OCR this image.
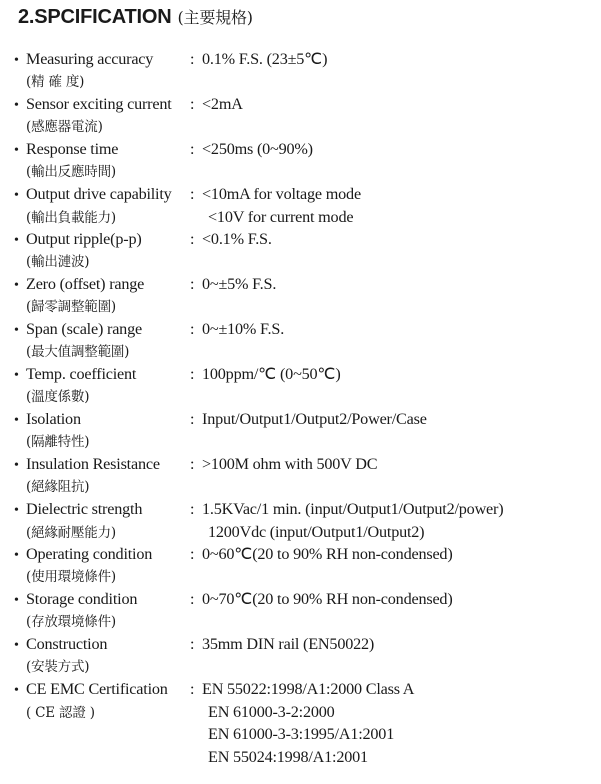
2.SPCIFICATION (主要規格)
• Measuring accuracy	: 0.1% F.S. (23±5℃)
(精 確 度)
• Sensor exciting current	: <2mA
(感應器電流)
• Response time	: <250ms (0~90%)
(輸出反應時間)
• Output drive capability	: <10mA for voltage mode
(輸出負載能力)	<10V for current mode
• Output ripple(p-p)	: <0.1% F.S.
(輸出漣波)
• Zero (offset) range	: 0~±5% F.S.
(歸零調整範圍)
• Span (scale) range	: 0~±10% F.S.
(最大值調整範圍)
• Temp. coefficient	: 100ppm/℃ (0~50℃)
(溫度係數)
• Isolation	: Input/Output1/Output2/Power/Case
(隔離特性)
• Insulation Resistance	: >100M ohm with 500V DC
(絕緣阻抗)
• Dielectric strength	: 1.5KVac/1 min. (input/Output1/Output2/power)
(絕緣耐壓能力)	1200Vdc (input/Output1/Output2)
• Operating condition	: 0~60℃(20 to 90% RH non-condensed)
(使用環境條件)
• Storage condition	: 0~70℃(20 to 90% RH non-condensed)
(存放環境條件)
• Construction	: 35mm DIN rail (EN50022)
(安裝方式)
• CE EMC Certification	: EN 55022:1998/A1:2000 Class A
( CE 認證 )	EN 61000-3-2:2000
EN 61000-3-3:1995/A1:2001
EN 55024:1998/A1:2001
